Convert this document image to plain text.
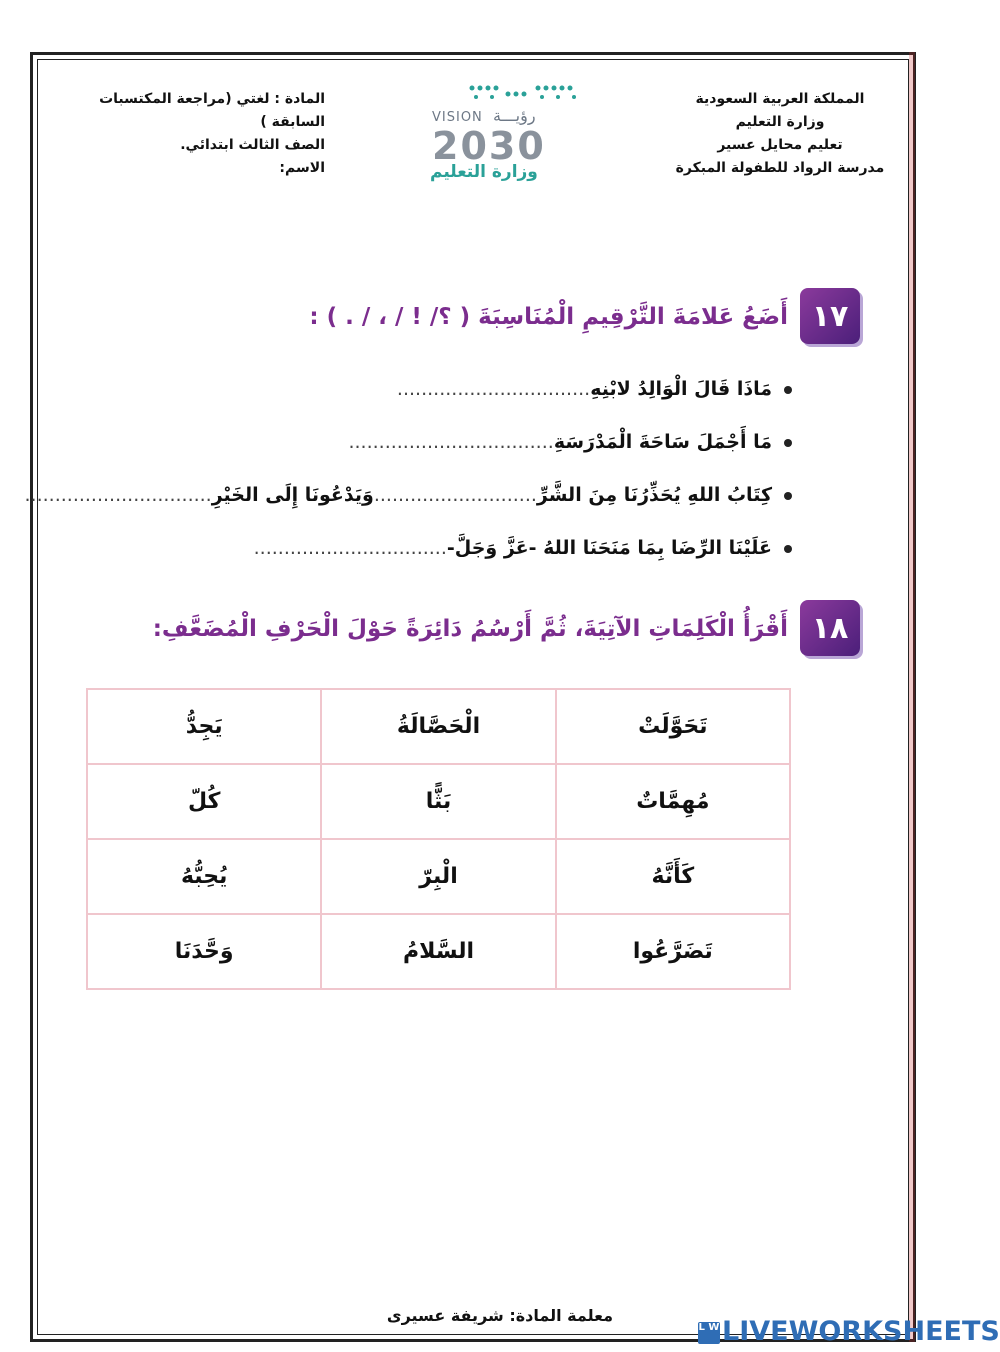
المملكة العربية السعودية
وزارة التعليم
تعليم محايل عسير
مدرسة الرواد للطفولة المبكرة
VISION رؤيـــة
2030
وزارة التعليم
المادة : لغتي (مراجعة المكتسبات السابقة )
الصف الثالث ابتدائي.
الاسم:
١٧
أَضَعُ عَلامَةَ التَّرْقِيمِ الْمُنَاسِبَةَ ( ؟/ ! / ، / . ) :
مَاذَا قَالَ الْوَالِدُ لابْنِهِ................................
مَا أَجْمَلَ سَاحَةَ الْمَدْرَسَةِ..................................
كِتَابُ اللهِ يُحَذِّرُنَا مِنَ الشَّرِّ...........................وَيَدْعُونَا إِلَى الخَيْرِ...............................
عَلَيْنَا الرِّضَا بِمَا مَنَحَنَا اللهُ -عَزَّ وَجَلَّ-................................
١٨
أَقْرَأُ الْكَلِمَاتِ الآتِيَةَ، ثُمَّ أَرْسُمُ دَائِرَةً حَوْلَ الْحَرْفِ الْمُضَعَّفِ:
تَحَوَّلَتْ	الْحَصَّالَةُ	يَجِدُّ
مُهِمَّاتٌ	بَثًّا	كُلّ
كَأَنَّهُ	الْبِرّ	يُحِبُّهُ
تَضَرَّعُوا	السَّلامُ	وَحَّدَنَا
معلمة المادة: شريفة عسيرى
L WLIVEWORKSHEETS
